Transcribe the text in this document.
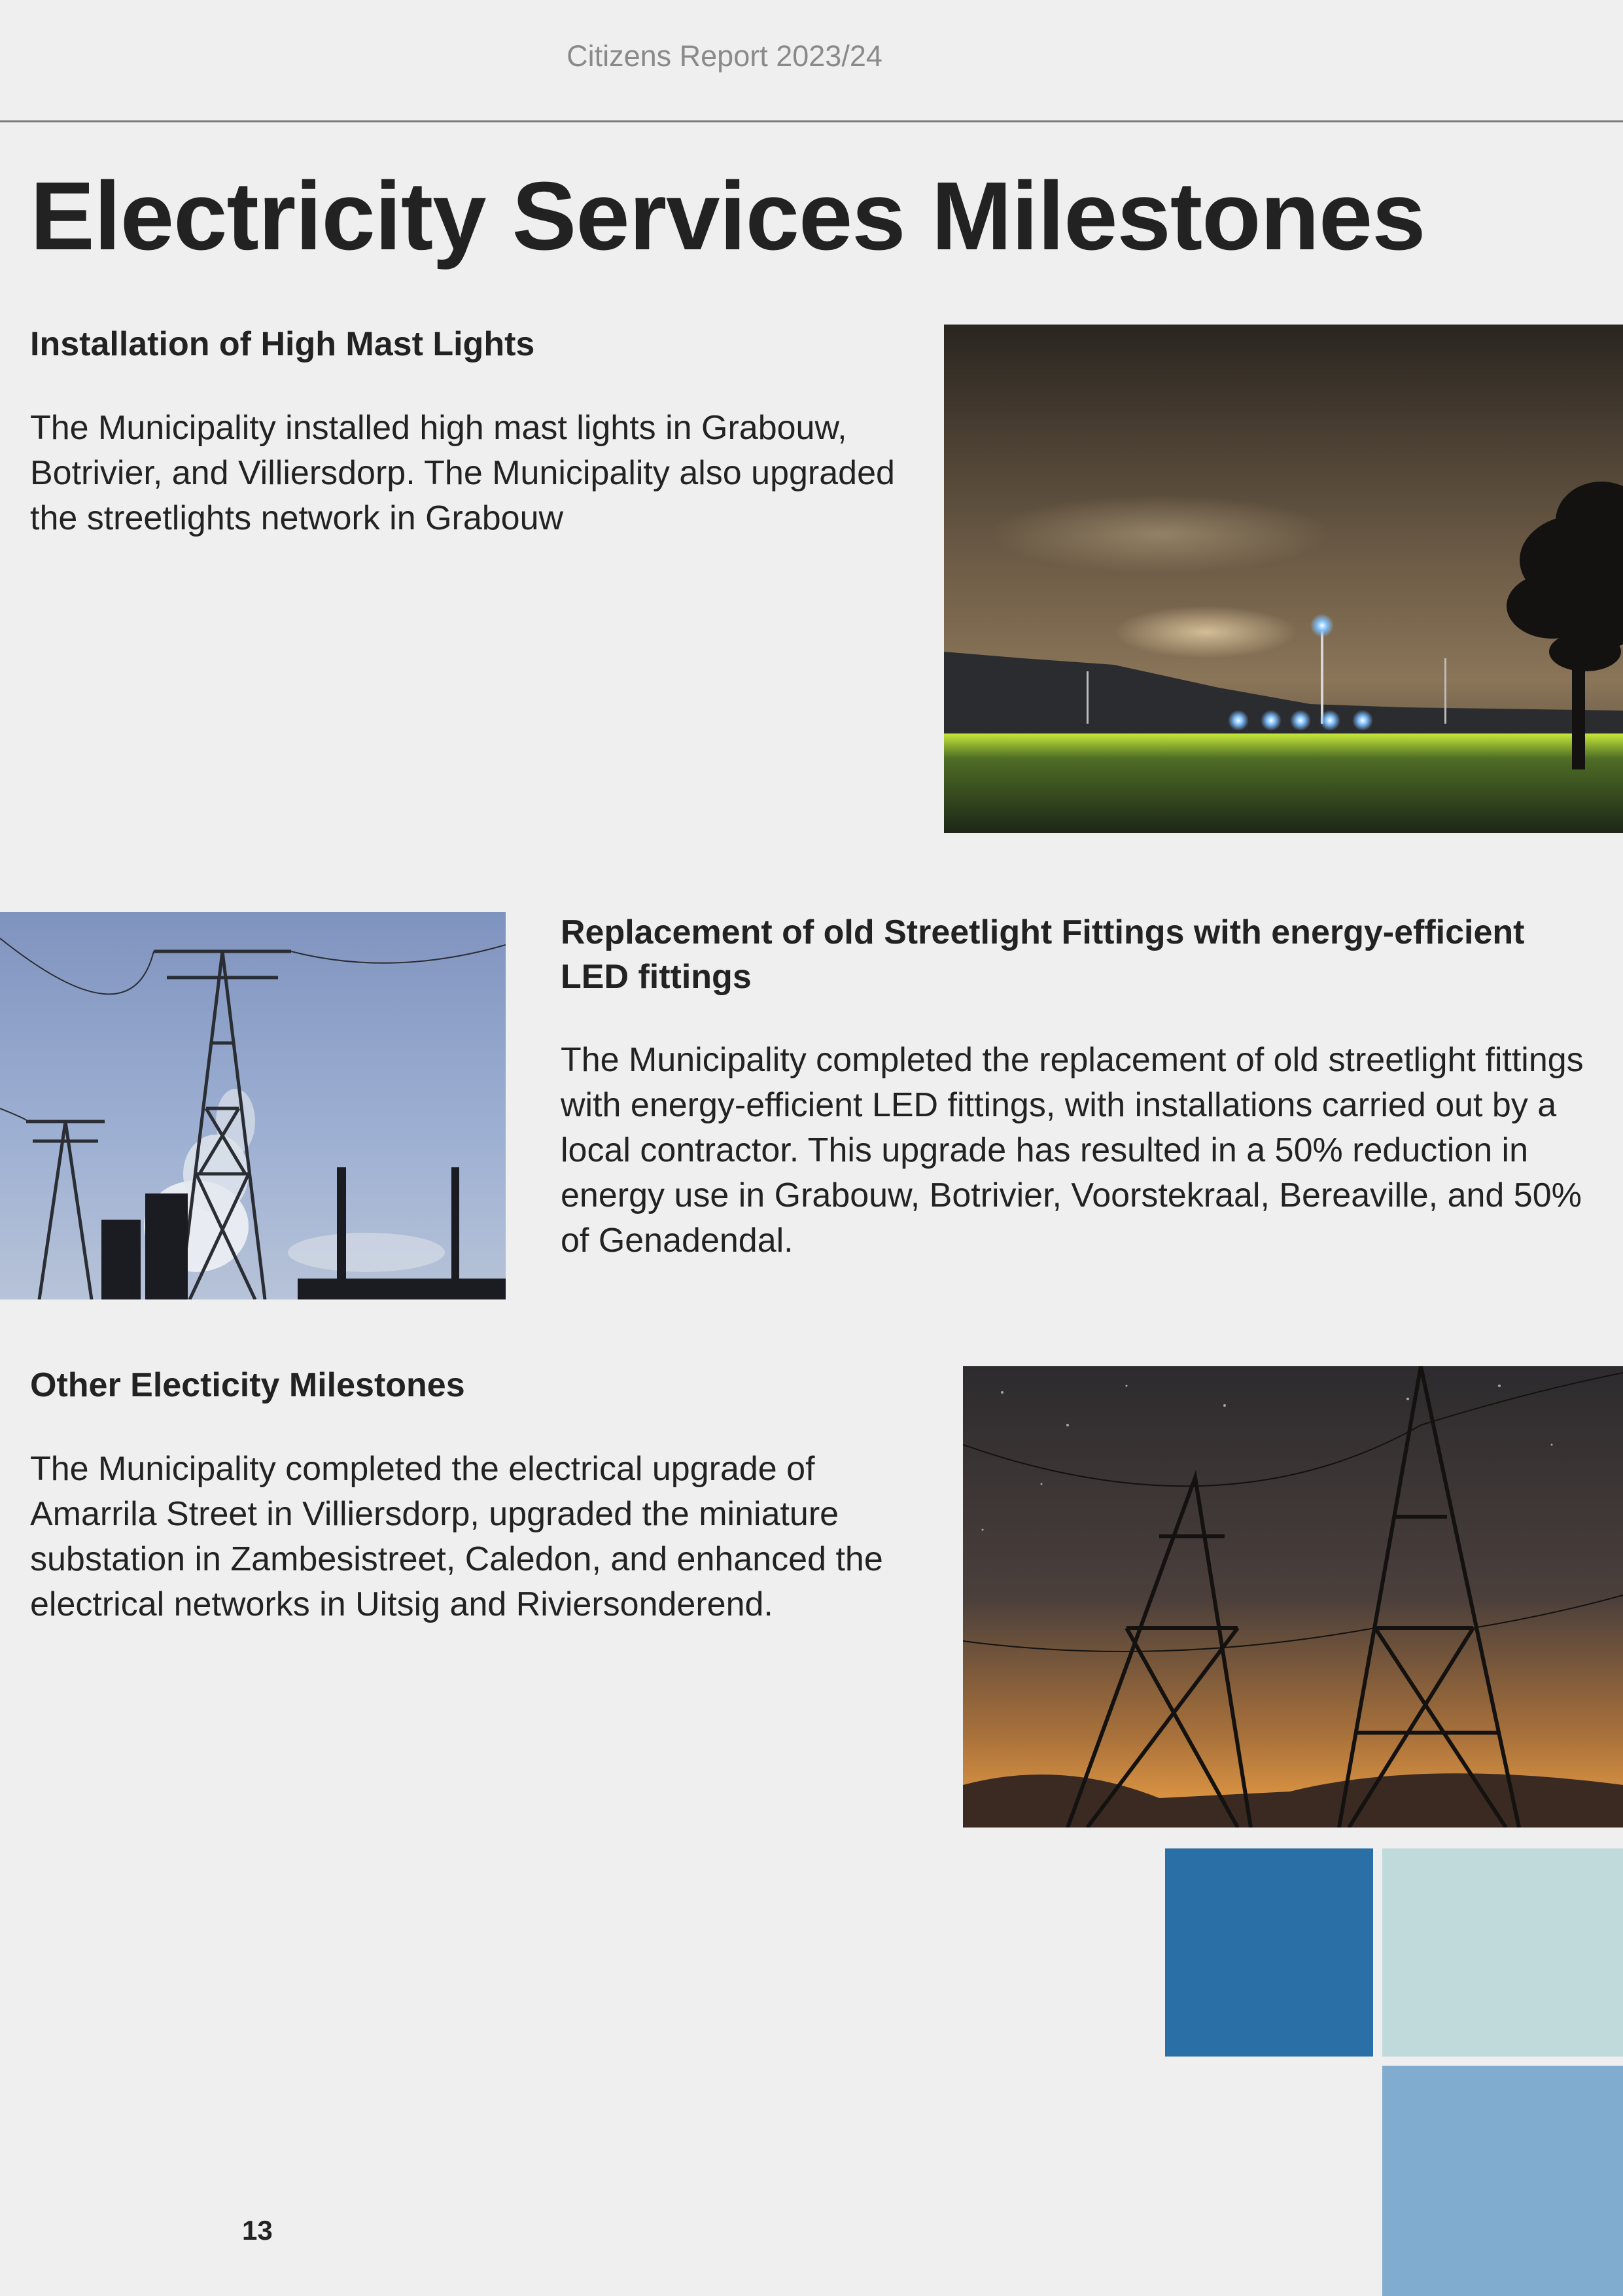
Citizens Report 2023/24
Electricity Services Milestones
Installation of High Mast Lights

The Municipality installed high mast lights in Grabouw, Botrivier, and Villiersdorp. The Municipality also upgraded the streetlights network in Grabouw

Replacement of old Streetlight Fittings with energy-efficient LED fittings

The Municipality completed the replacement of old streetlight fittings with energy-efficient LED fittings, with installations carried out by a local contractor. This upgrade has resulted in a 50% reduction in energy use in Grabouw, Botrivier, Voorstekraal, Bereaville, and 50% of Genadendal.

Other Electicity Milestones

The Municipality completed the electrical upgrade of Amarrila Street in Villiersdorp, upgraded the miniature substation in Zambesistreet, Caledon, and enhanced the electrical networks in Uitsig and Riviersonderend.

13
